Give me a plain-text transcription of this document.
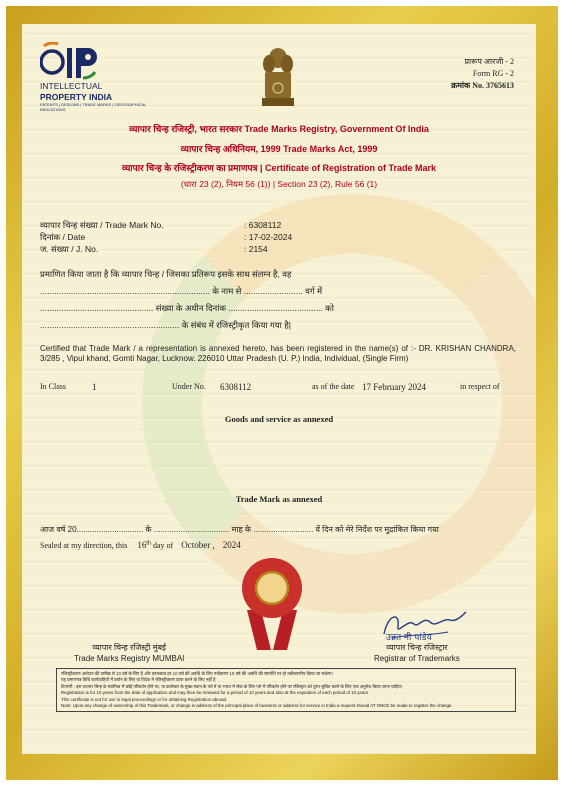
INTELLECTUAL
PROPERTY INDIA
PATENTS | DESIGNS | TRADE MARKS | GEOGRAPHICAL INDICATIONS
प्रारूप आरजी - 2
Form RG - 2
क्रमांक No. 3765613
व्यापार चिन्ह रजिस्ट्री, भारत सरकार Trade Marks Registry, Government Of India
व्यापार चिन्ह अधिनियम, 1999 Trade Marks Act, 1999
व्यापार चिन्ह के रजिस्ट्रीकरण का प्रमाणपत्र | Certificate of Registration of Trade Mark
(धारा 23 (2), नियम 56 (1)) | Section 23 (2), Rule 56 (1)
व्यापार चिन्ह संख्या / Trade Mark No.	: 6308112
दिनांक / Date	: 17-02-2024
ज. संख्या / J. No.	: 2154
प्रमाणित किया जाता है कि व्यापार चिन्ह / जिसका प्रतिरूप इसके साथ संलग्न है, वह
........................................................................ के नाम से ......................... वर्ग में
................................................ संख्या के अधीन दिनांक ........................................ को
........................................................... के संबंध में रजिस्ट्रीकृत किया गया है|
Certified that Trade Mark / a representation is annexed hereto, has been registered in the name(s) of :- DR. KRISHAN CHANDRA, 3/285 , Vipul khand, Gomti Nagar, Lucknow. 226010 Uttar Pradesh (U. P.) India, Individual, (Single Firm)
In Class	1	Under No. 6308112	as of the date 17 February 2024	in respect of
Goods and service as annexed
Trade Mark as annexed
आज वर्ष 20.............................. के .................................. माह के ........................... वें दिन को मेरे निर्देश पर मुद्रांकित किया गया
Sealed at my direction, this 16th day of October , 2024
उन्नत नी पांडेय
व्यापार चिन्ह रजिस्ट्री मुंबई
Trade Marks Registry MUMBAI
व्यापार चिन्ह रजिस्ट्रार
Registrar of Trademarks
रजिस्ट्रीकरण आवेदन की तारीख से 10 वर्ष के लिए है और तत्पश्चात हर 10 वर्ष की अवधि के लिए नवीकरण 10 वर्ष की अवधि की समाप्ति पर हो नवीकरणीय किया जा सकेगा।
यह प्रमाणपत्र विधि कार्यवाहियों में प्रयोग के लिए या विदेश में रजिस्ट्रीकरण प्राप्त करने के लिए नहीं है
टिप्पणी : इस व्यापार चिन्ह के स्वामित्व में कोई परिवर्तन होने पर, या कारोबार के मुख्य स्थान के पते में या भारत में सेवा के लिए पते में परिवर्तन होने पर रजिस्ट्रार को तुरंत सूचित करने के लिए एक अनुरोध किया जाना चाहिए।
Registration is for 10 years from the date of application and may then be renewed for a period of 10 years and also at the expiration of each period of 10 years
This certificate is not for use in legal proceedings or for obtaining Registration abroad.
Note: Upon any change of ownership of this Trademark, or change in address of the principal place of business or address for service in India a request should AT ONCE be made to register the change.
